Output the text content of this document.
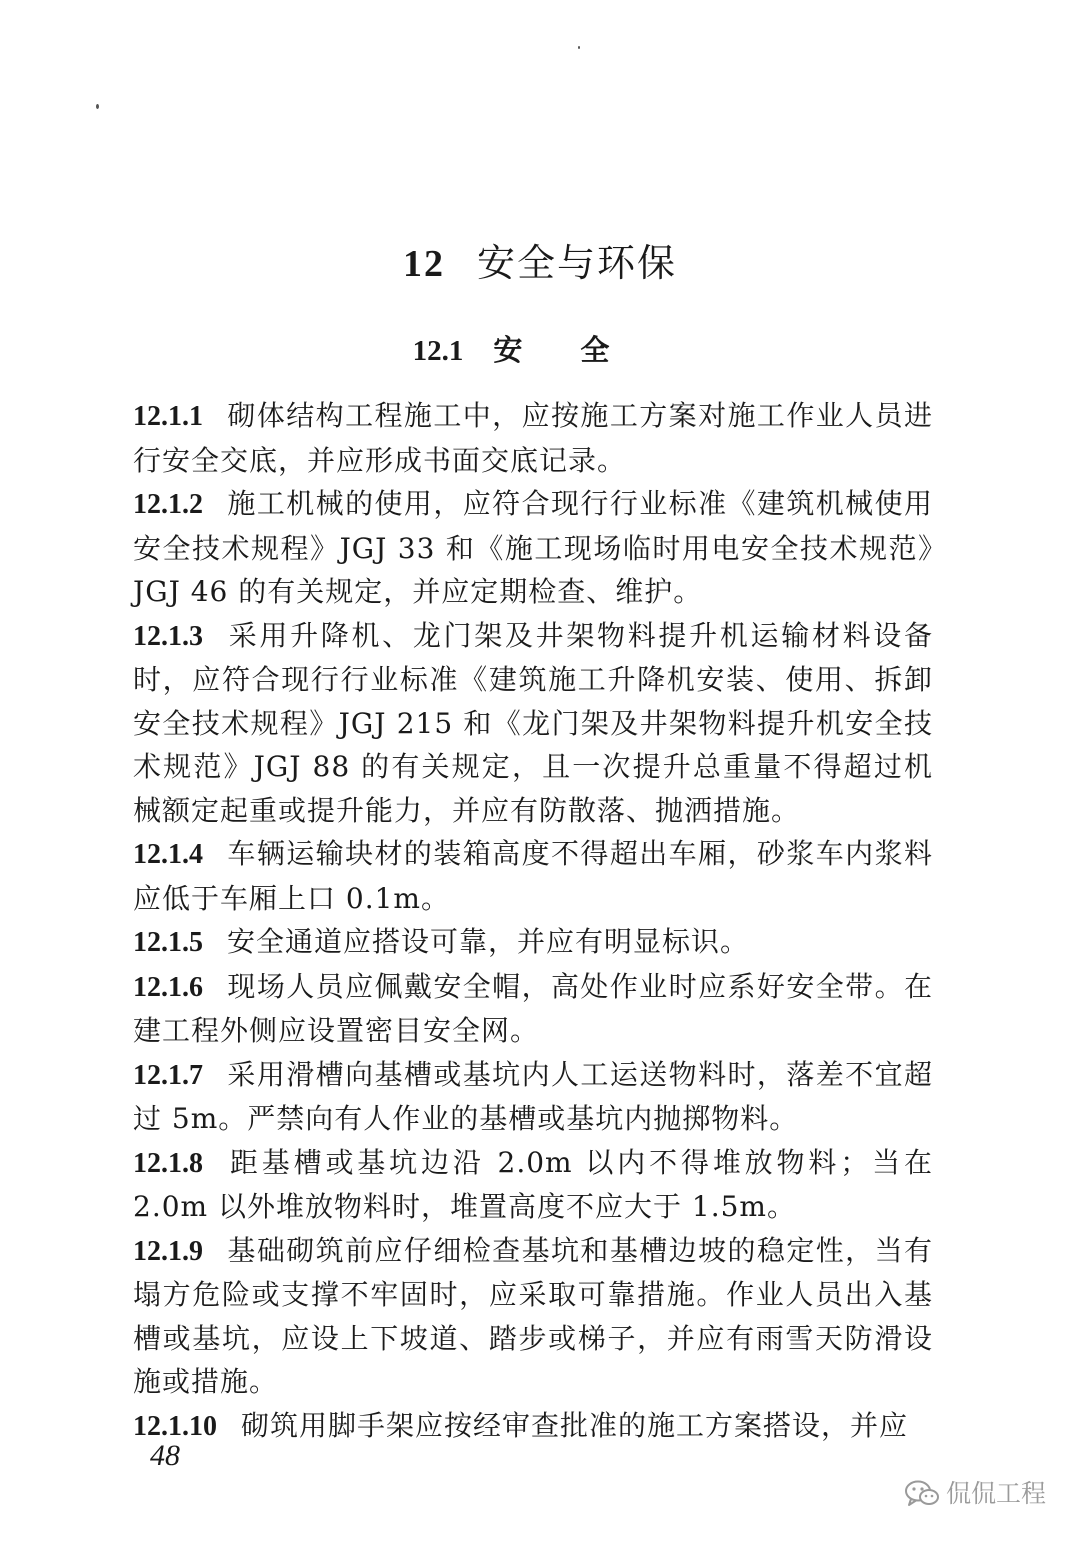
12 安全与环保
12.1 安全
12.1.1 砌体结构工程施工中，应按施工方案对施工作业人员进行安全交底，并应形成书面交底记录。
12.1.2 施工机械的使用，应符合现行行业标准《建筑机械使用安全技术规程》JGJ 33 和《施工现场临时用电安全技术规范》JGJ 46 的有关规定，并应定期检查、维护。
12.1.3 采用升降机、龙门架及井架物料提升机运输材料设备时，应符合现行行业标准《建筑施工升降机安装、使用、拆卸安全技术规程》JGJ 215 和《龙门架及井架物料提升机安全技术规范》JGJ 88 的有关规定，且一次提升总重量不得超过机械额定起重或提升能力，并应有防散落、抛洒措施。
12.1.4 车辆运输块材的装箱高度不得超出车厢，砂浆车内浆料应低于车厢上口 0.1m。
12.1.5 安全通道应搭设可靠，并应有明显标识。
12.1.6 现场人员应佩戴安全帽，高处作业时应系好安全带。在建工程外侧应设置密目安全网。
12.1.7 采用滑槽向基槽或基坑内人工运送物料时，落差不宜超过 5m。严禁向有人作业的基槽或基坑内抛掷物料。
12.1.8 距基槽或基坑边沿 2.0m 以内不得堆放物料；当在 2.0m 以外堆放物料时，堆置高度不应大于 1.5m。
12.1.9 基础砌筑前应仔细检查基坑和基槽边坡的稳定性，当有塌方危险或支撑不牢固时，应采取可靠措施。作业人员出入基槽或基坑，应设上下坡道、踏步或梯子，并应有雨雪天防滑设施或措施。
12.1.10 砌筑用脚手架应按经审查批准的施工方案搭设，并应
48
侃侃工程
